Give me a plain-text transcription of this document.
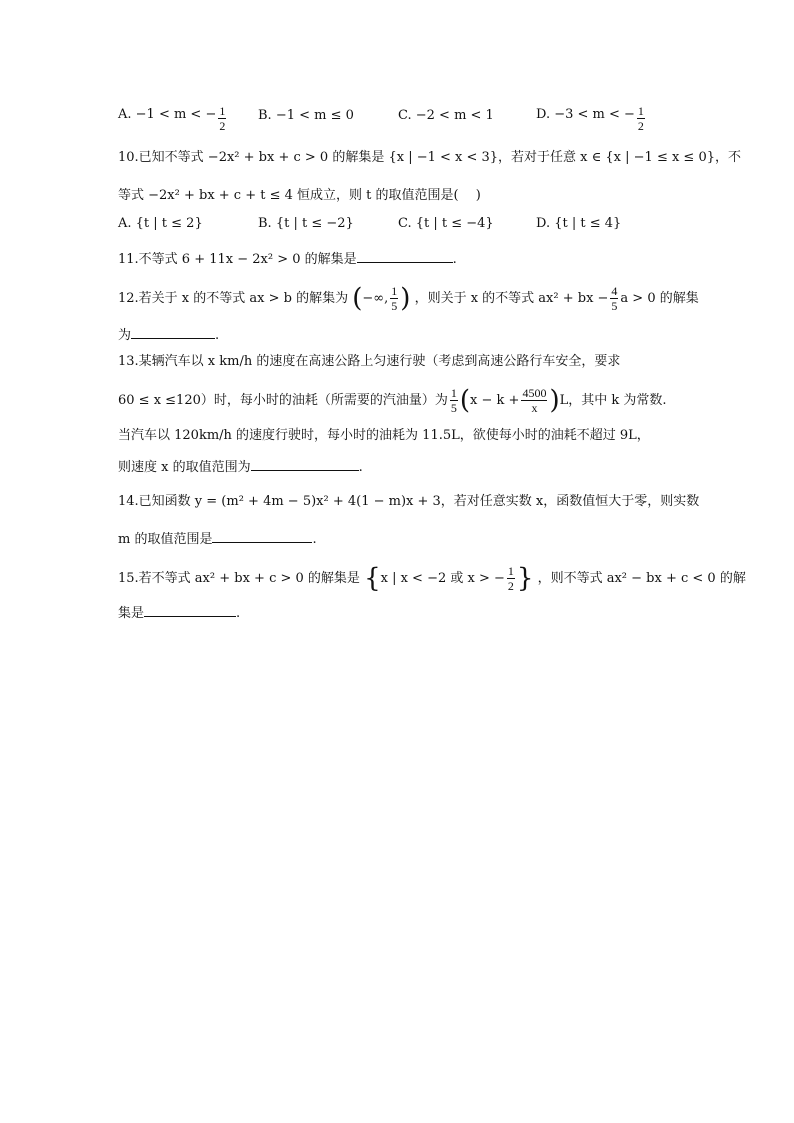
A. −1 < m < − $\frac{1}{2} B$. −1 < m ≤ 0	C. −2 < m < 1	D. −3 < m < − $\frac{1}{2}$
10.已知不等式 −2x² + bx + c > 0 的解集是 {x | −1 < x < 3}，若对于任意 x ∈ {x | −1 ≤ x ≤ 0}，不
等式 −2x² + bx + c + t ≤ 4 恒成立，则 t 的取值范围是(　 )
A. {t | t ≤ 2}	B. {t | t ≤ −2}	C. {t | t ≤ −4}	D. {t | t ≤ 4}
11.不等式 6 + 11x − 2x² > 0 的解集是	.
12.若关于 x 的不等式 ax > b 的解集为 (−∞, $\frac{1}{5}$ ) ，则关于 x 的不等式 ax² + bx − $\frac{4}{5}$ a > 0 的解集
为	.
13.某辆汽车以 x km/h 的速度在高速公路上匀速行驶（考虑到高速公路行车安全，要求
60 ≤ x ≤120）时，每小时的油耗（所需要的汽油量）为 $\frac{1}{5} (x - k + \frac{4500}{x} )L$，其中 k 为常数.
当汽车以 120km/h 的速度行驶时，每小时的油耗为 11.5L，欲使每小时的油耗不超过 9L，
则速度 x 的取值范围为	.
14.已知函数 y = (m² + 4m − 5)x² + 4(1 − m)x + 3，若对任意实数 x，函数值恒大于零，则实数
m 的取值范围是	.
15.若不等式 ax² + bx + c > 0 的解集是 {x | x < −2 或 x > − $\frac{1}{2}$ } ，则不等式 ax² − bx + c < 0 的解
集是	.
